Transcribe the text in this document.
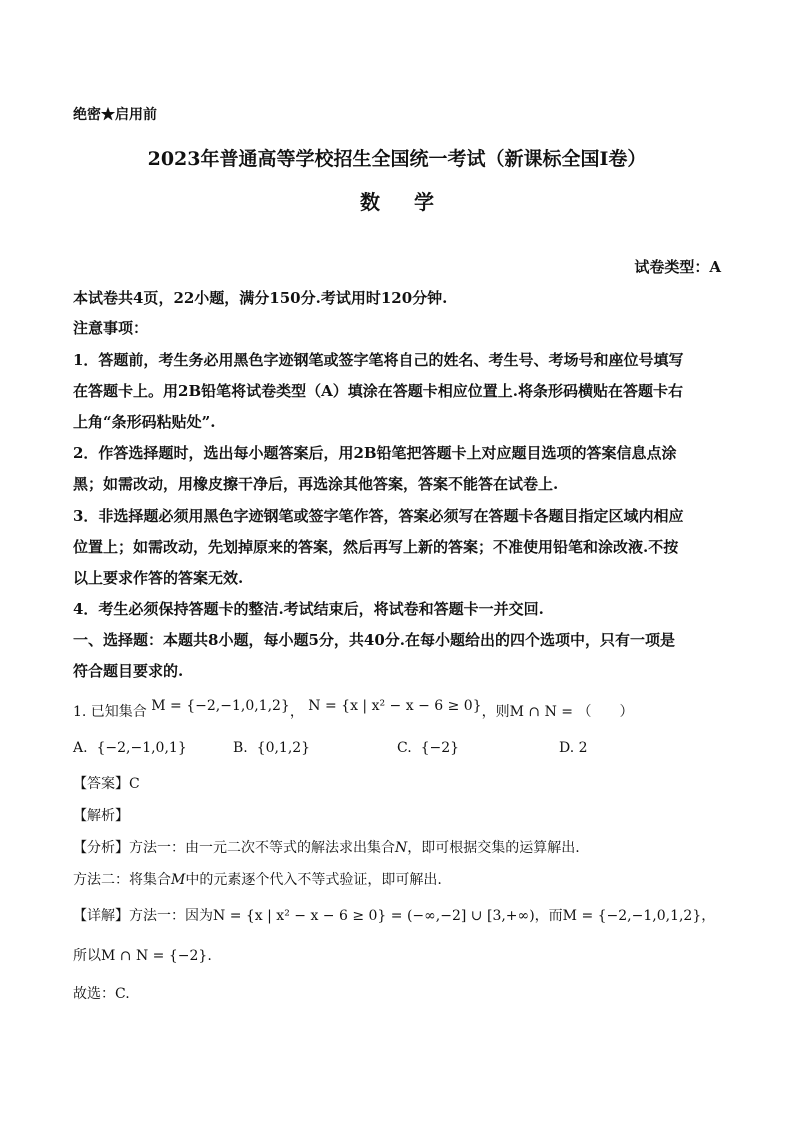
绝密★启用前
2023年普通高等学校招生全国统一考试（新课标全国Ⅰ卷）
数学
试卷类型：A
本试卷共4页，22小题，满分150分.考试用时120分钟.
注意事项：
1．答题前，考生务必用黑色字迹钢笔或签字笔将自己的姓名、考生号、考场号和座位号填写
在答题卡上。用2B铅笔将试卷类型（A）填涂在答题卡相应位置上.将条形码横贴在答题卡右
上角“条形码粘贴处”.
2．作答选择题时，选出每小题答案后，用2B铅笔把答题卡上对应题目选项的答案信息点涂
黑；如需改动，用橡皮擦干净后，再选涂其他答案，答案不能答在试卷上.
3．非选择题必须用黑色字迹钢笔或签字笔作答，答案必须写在答题卡各题目指定区域内相应
位置上；如需改动，先划掉原来的答案，然后再写上新的答案；不准使用铅笔和涂改液.不按
以上要求作答的答案无效.
4．考生必须保持答题卡的整洁.考试结束后，将试卷和答题卡一并交回.
一、选择题：本题共8小题，每小题5分，共40分.在每小题给出的四个选项中，只有一项是
符合题目要求的.
1. 已知集合 M = {−2,−1,0,1,2}， N = {x | x² − x − 6 ≥ 0}，则M ∩ N = （　　）
A. {−2,−1,0,1}	B. {0,1,2}	C. {−2}	D. 2
【答案】C
【解析】
【分析】方法一：由一元二次不等式的解法求出集合N，即可根据交集的运算解出.
方法二：将集合M中的元素逐个代入不等式验证，即可解出.
【详解】方法一：因为N = {x | x² − x − 6 ≥ 0} = (−∞,−2] ∪ [3,+∞)，而M = {−2,−1,0,1,2}，
所以M ∩ N = {−2}.
故选：C.
